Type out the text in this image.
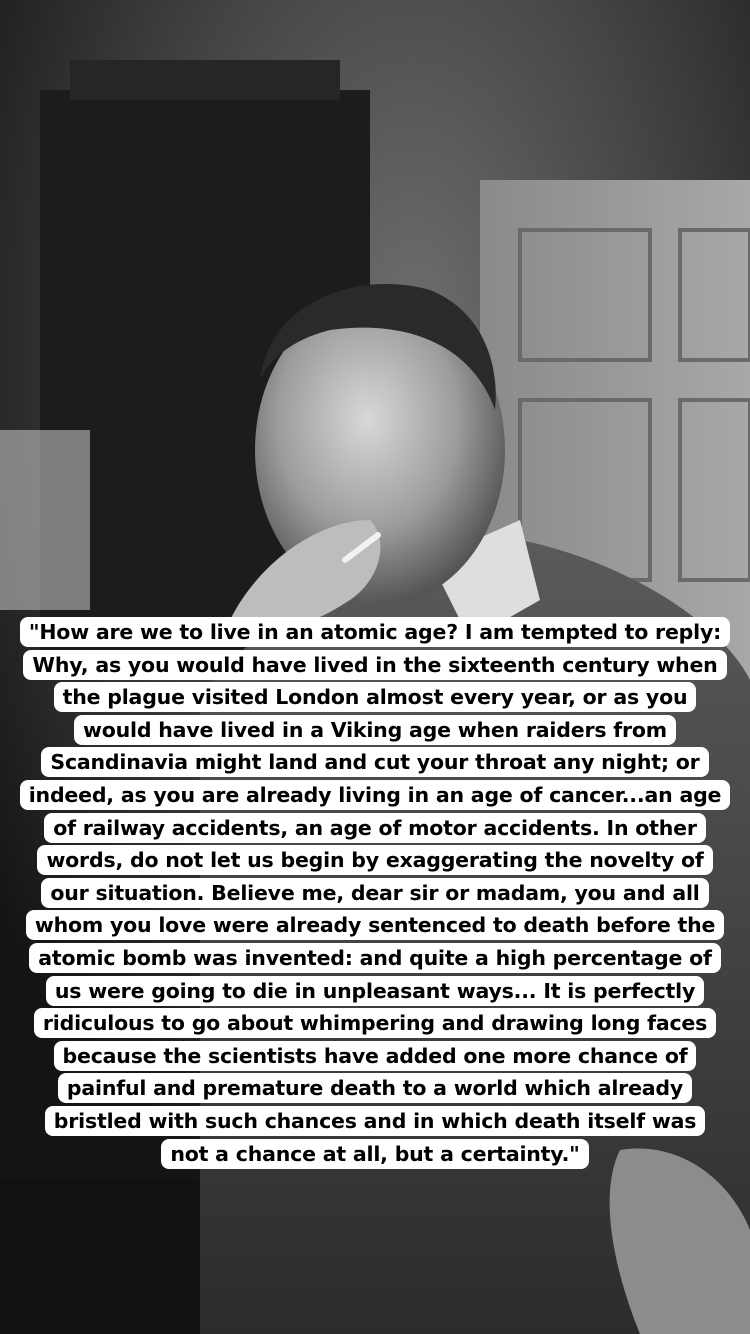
"How are we to live in an atomic age? I am tempted to reply:
Why, as you would have lived in the sixteenth century when
the plague visited London almost every year, or as you
would have lived in a Viking age when raiders from
Scandinavia might land and cut your throat any night; or
indeed, as you are already living in an age of cancer...an age
of railway accidents, an age of motor accidents. In other
words, do not let us begin by exaggerating the novelty of
our situation. Believe me, dear sir or madam, you and all
whom you love were already sentenced to death before the
atomic bomb was invented: and quite a high percentage of
us were going to die in unpleasant ways... It is perfectly
ridiculous to go about whimpering and drawing long faces
because the scientists have added one more chance of
painful and premature death to a world which already
bristled with such chances and in which death itself was
not a chance at all, but a certainty."
